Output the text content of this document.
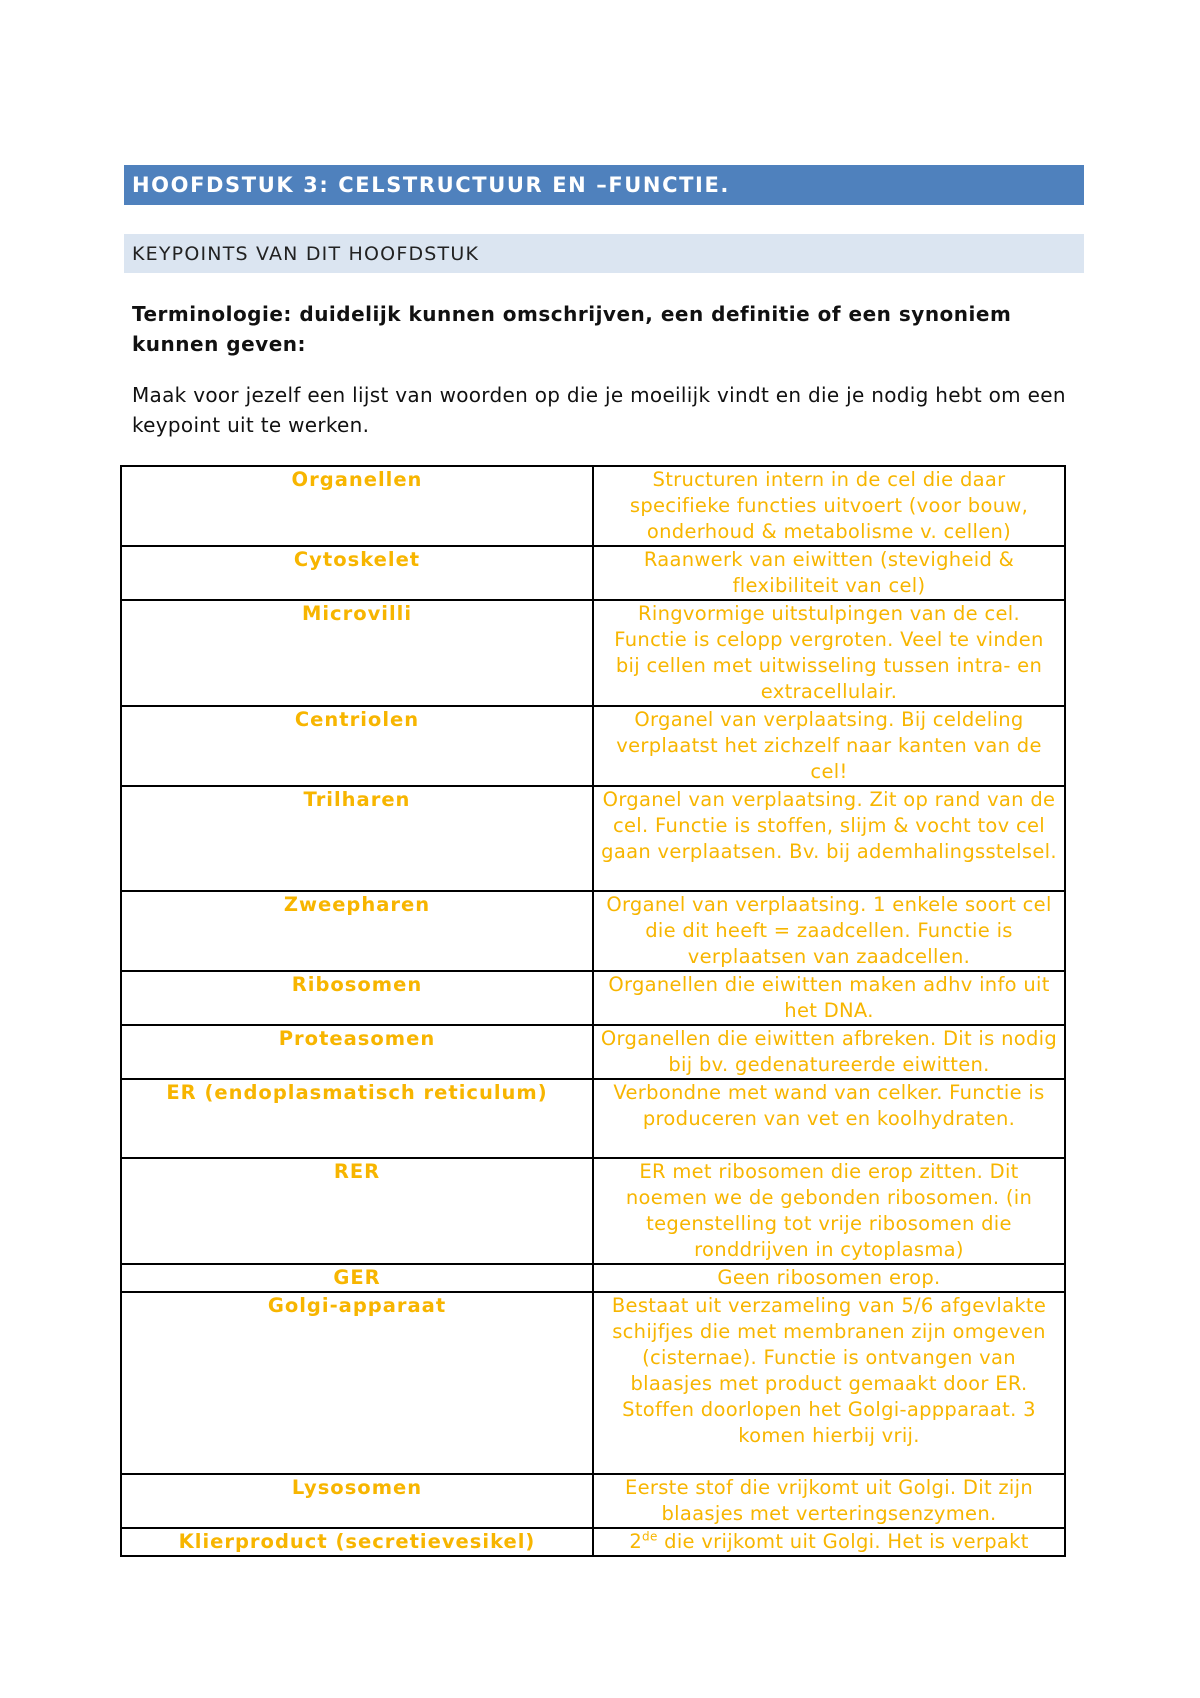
HOOFDSTUK 3: CELSTRUCTUUR EN –FUNCTIE.
KEYPOINTS VAN DIT HOOFDSTUK
Terminologie: duidelijk kunnen omschrijven, een definitie of een synoniem kunnen geven:
Maak voor jezelf een lijst van woorden op die je moeilijk vindt en die je nodig hebt om een keypoint uit te werken.
Organellen	Structuren intern in de cel die daar specifieke functies uitvoert (voor bouw, onderhoud & metabolisme v. cellen)
Cytoskelet	Raanwerk van eiwitten (stevigheid & flexibiliteit van cel)
Microvilli	Ringvormige uitstulpingen van de cel. Functie is celopp vergroten. Veel te vinden bij cellen met uitwisseling tussen intra- en extracellulair.
Centriolen	Organel van verplaatsing. Bij celdeling verplaatst het zichzelf naar kanten van de cel!
Trilharen	Organel van verplaatsing. Zit op rand van de cel. Functie is stoffen, slijm & vocht tov cel gaan verplaatsen. Bv. bij ademhalingsstelsel.
Zweepharen	Organel van verplaatsing. 1 enkele soort cel die dit heeft = zaadcellen. Functie is verplaatsen van zaadcellen.
Ribosomen	Organellen die eiwitten maken adhv info uit het DNA.
Proteasomen	Organellen die eiwitten afbreken. Dit is nodig bij bv. gedenatureerde eiwitten.
ER (endoplasmatisch reticulum)	Verbondne met wand van celker. Functie is produceren van vet en koolhydraten.
RER	ER met ribosomen die erop zitten. Dit noemen we de gebonden ribosomen. (in tegenstelling tot vrije ribosomen die ronddrijven in cytoplasma)
GER	Geen ribosomen erop.
Golgi-apparaat	Bestaat uit verzameling van 5/6 afgevlakte schijfjes die met membranen zijn omgeven (cisternae). Functie is ontvangen van blaasjes met product gemaakt door ER. Stoffen doorlopen het Golgi-appparaat. 3 komen hierbij vrij.
Lysosomen	Eerste stof die vrijkomt uit Golgi. Dit zijn blaasjes met verteringsenzymen.
Klierproduct (secretievesikel)	2de die vrijkomt uit Golgi. Het is verpakt
